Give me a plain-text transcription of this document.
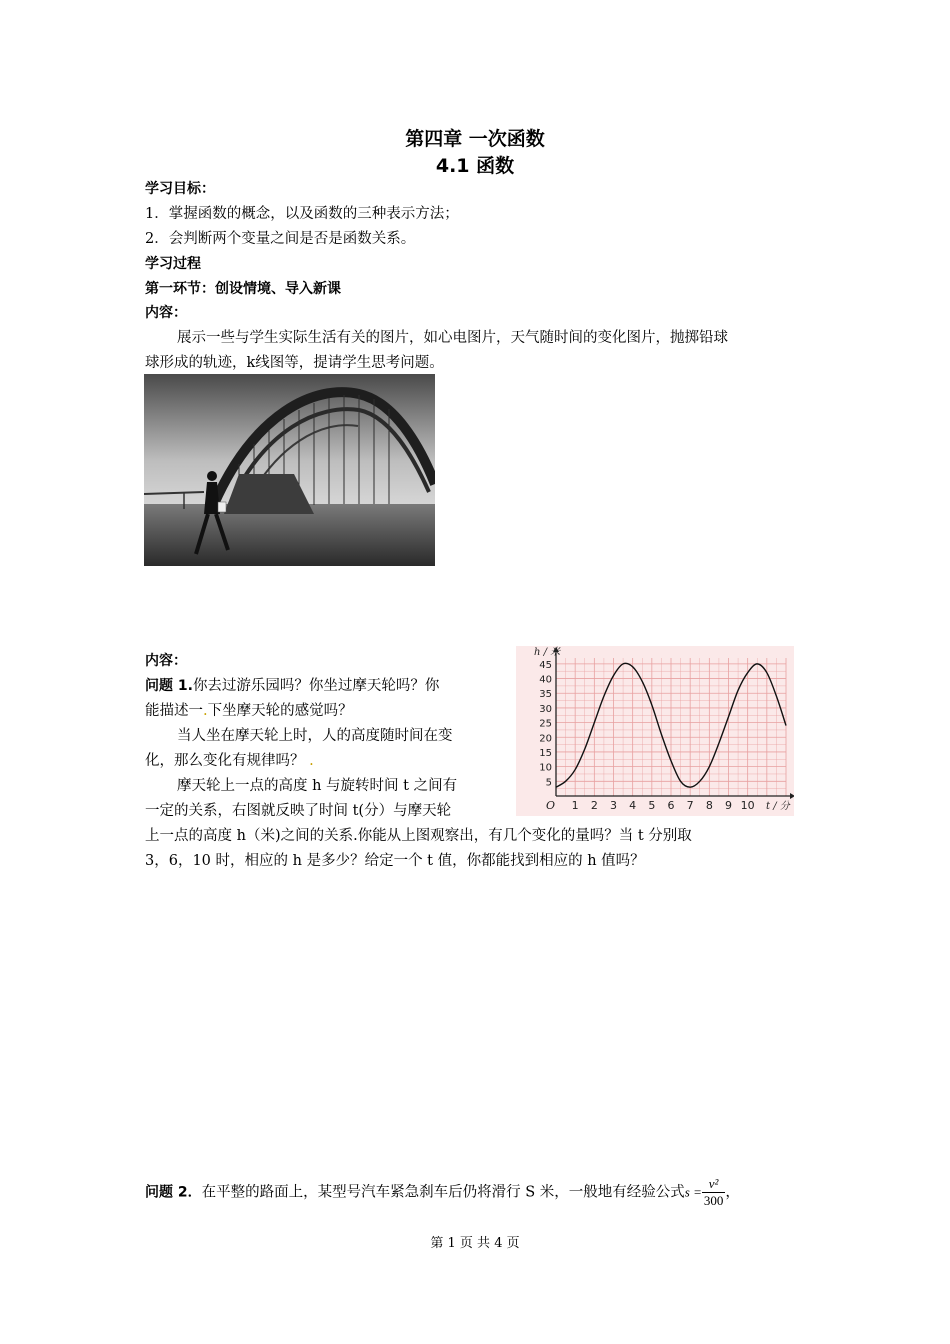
第四章 一次函数
4.1 函数
学习目标：
1．掌握函数的概念，以及函数的三种表示方法；
2．会判断两个变量之间是否是函数关系。
学习过程
第一环节：创设情境、导入新课
内容：
展示一些与学生实际生活有关的图片，如心电图片，天气随时间的变化图片，抛掷铅球
球形成的轨迹，k线图等，提请学生思考问题。
内容：
问题 1.你去过游乐园吗？你坐过摩天轮吗？你
能描述一.下坐摩天轮的感觉吗？
当人坐在摩天轮上时，人的高度随时间在变
化，那么变化有规律吗？ .
摩天轮上一点的高度 h 与旋转时间 t 之间有
一定的关系，右图就反映了时间 t(分）与摩天轮
上一点的高度 h（米)之间的关系.你能从上图观察出，有几个变化的量吗？当 t 分别取
3，6，10 时，相应的 h 是多少？给定一个 t 值，你都能找到相应的 h 值吗？
1 2 3 4 5 6 7 8 9 10
5
10
15
20
25
30
35
40
45
O	t / 分
h / 米
问题 2．在平整的路面上，某型号汽车紧急刹车后仍将滑行 S 米，一般地有经验公式$s = \frac{\text{v²}}{300}$ ，
第 1 页 共 4 页
